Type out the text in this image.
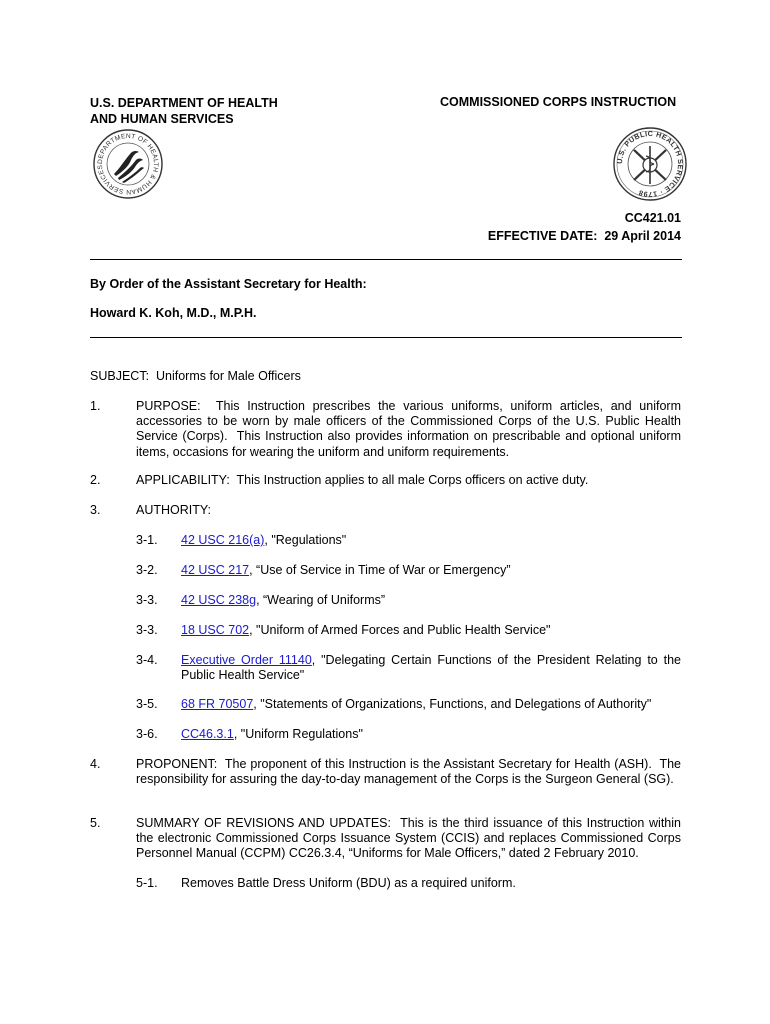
U.S. DEPARTMENT OF HEALTH
AND HUMAN SERVICES
COMMISSIONED CORPS INSTRUCTION
DEPARTMENT OF HEALTH & HUMAN SERVICES
U.S. PUBLIC HEALTH SERVICE · 1798
CC421.01
EFFECTIVE DATE:  29 April 2014
By Order of the Assistant Secretary for Health:
Howard K. Koh, M.D., M.P.H.
SUBJECT:  Uniforms for Male Officers
1.	PURPOSE:  This Instruction prescribes the various uniforms, uniform articles, and uniform accessories to be worn by male officers of the Commissioned Corps of the U.S. Public Health Service (Corps).  This Instruction also provides information on prescribable and optional uniform items, occasions for wearing the uniform and uniform requirements.
2.	APPLICABILITY:  This Instruction applies to all male Corps officers on active duty.
3.	AUTHORITY:
3-1. 42 USC 216(a), "Regulations"
3-2. 42 USC 217, “Use of Service in Time of War or Emergency”
3-3. 42 USC 238g, “Wearing of Uniforms”
3-3. 18 USC 702, "Uniform of Armed Forces and Public Health Service"
3-4. Executive Order 11140, "Delegating Certain Functions of the President Relating to the Public Health Service"
3-5. 68 FR 70507, "Statements of Organizations, Functions, and Delegations of Authority"
3-6. CC46.3.1, "Uniform Regulations"
4.	PROPONENT:  The proponent of this Instruction is the Assistant Secretary for Health (ASH).  The responsibility for assuring the day-to-day management of the Corps is the Surgeon General (SG).
5.	SUMMARY OF REVISIONS AND UPDATES:  This is the third issuance of this Instruction within the electronic Commissioned Corps Issuance System (CCIS) and replaces Commissioned Corps Personnel Manual (CCPM) CC26.3.4, “Uniforms for Male Officers,” dated 2 February 2010.
5-1. Removes Battle Dress Uniform (BDU) as a required uniform.
